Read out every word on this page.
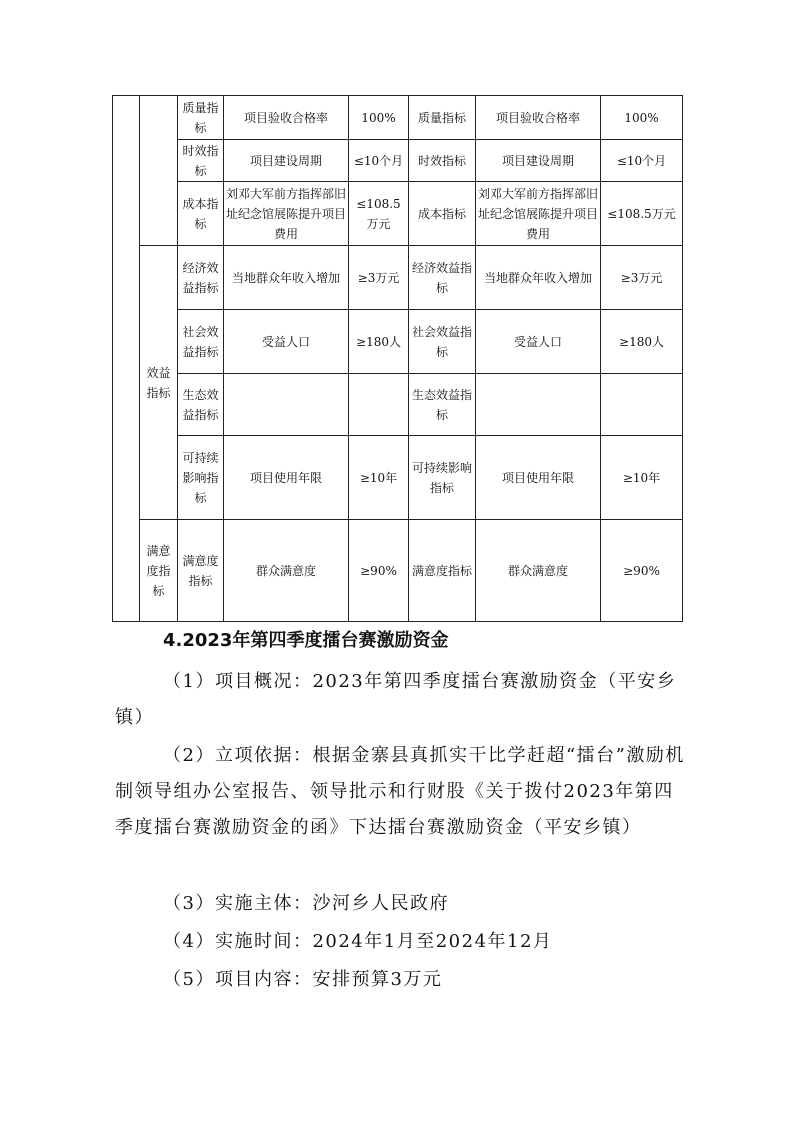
		质量指标	项目验收合格率	100%	质量指标	项目验收合格率	100%
		时效指标	项目建设周期	≤10个月	时效指标	项目建设周期	≤10个月
		成本指标	刘邓大军前方指挥部旧址纪念馆展陈提升项目费用	≤108.5万元	成本指标	刘邓大军前方指挥部旧址纪念馆展陈提升项目费用	≤108.5万元
	效益指标	经济效益指标	当地群众年收入增加	≥3万元	经济效益指标	当地群众年收入增加	≥3万元
		社会效益指标	受益人口	≥180人	社会效益指标	受益人口	≥180人
		生态效益指标			生态效益指标		
		可持续影响指标	项目使用年限	≥10年	可持续影响指标	项目使用年限	≥10年
	满意度指标	满意度指标	群众满意度	≥90%	满意度指标	群众满意度	≥90%
4.2023年第四季度擂台赛激励资金
（1）项目概况：2023年第四季度擂台赛激励资金（平安乡镇）
（2）立项依据：根据金寨县真抓实干比学赶超“擂台”激励机制领导组办公室报告、领导批示和行财股《关于拨付2023年第四季度擂台赛激励资金的函》下达擂台赛激励资金（平安乡镇）
（3）实施主体：沙河乡人民政府
（4）实施时间：2024年1月至2024年12月
（5）项目内容：安排预算3万元
